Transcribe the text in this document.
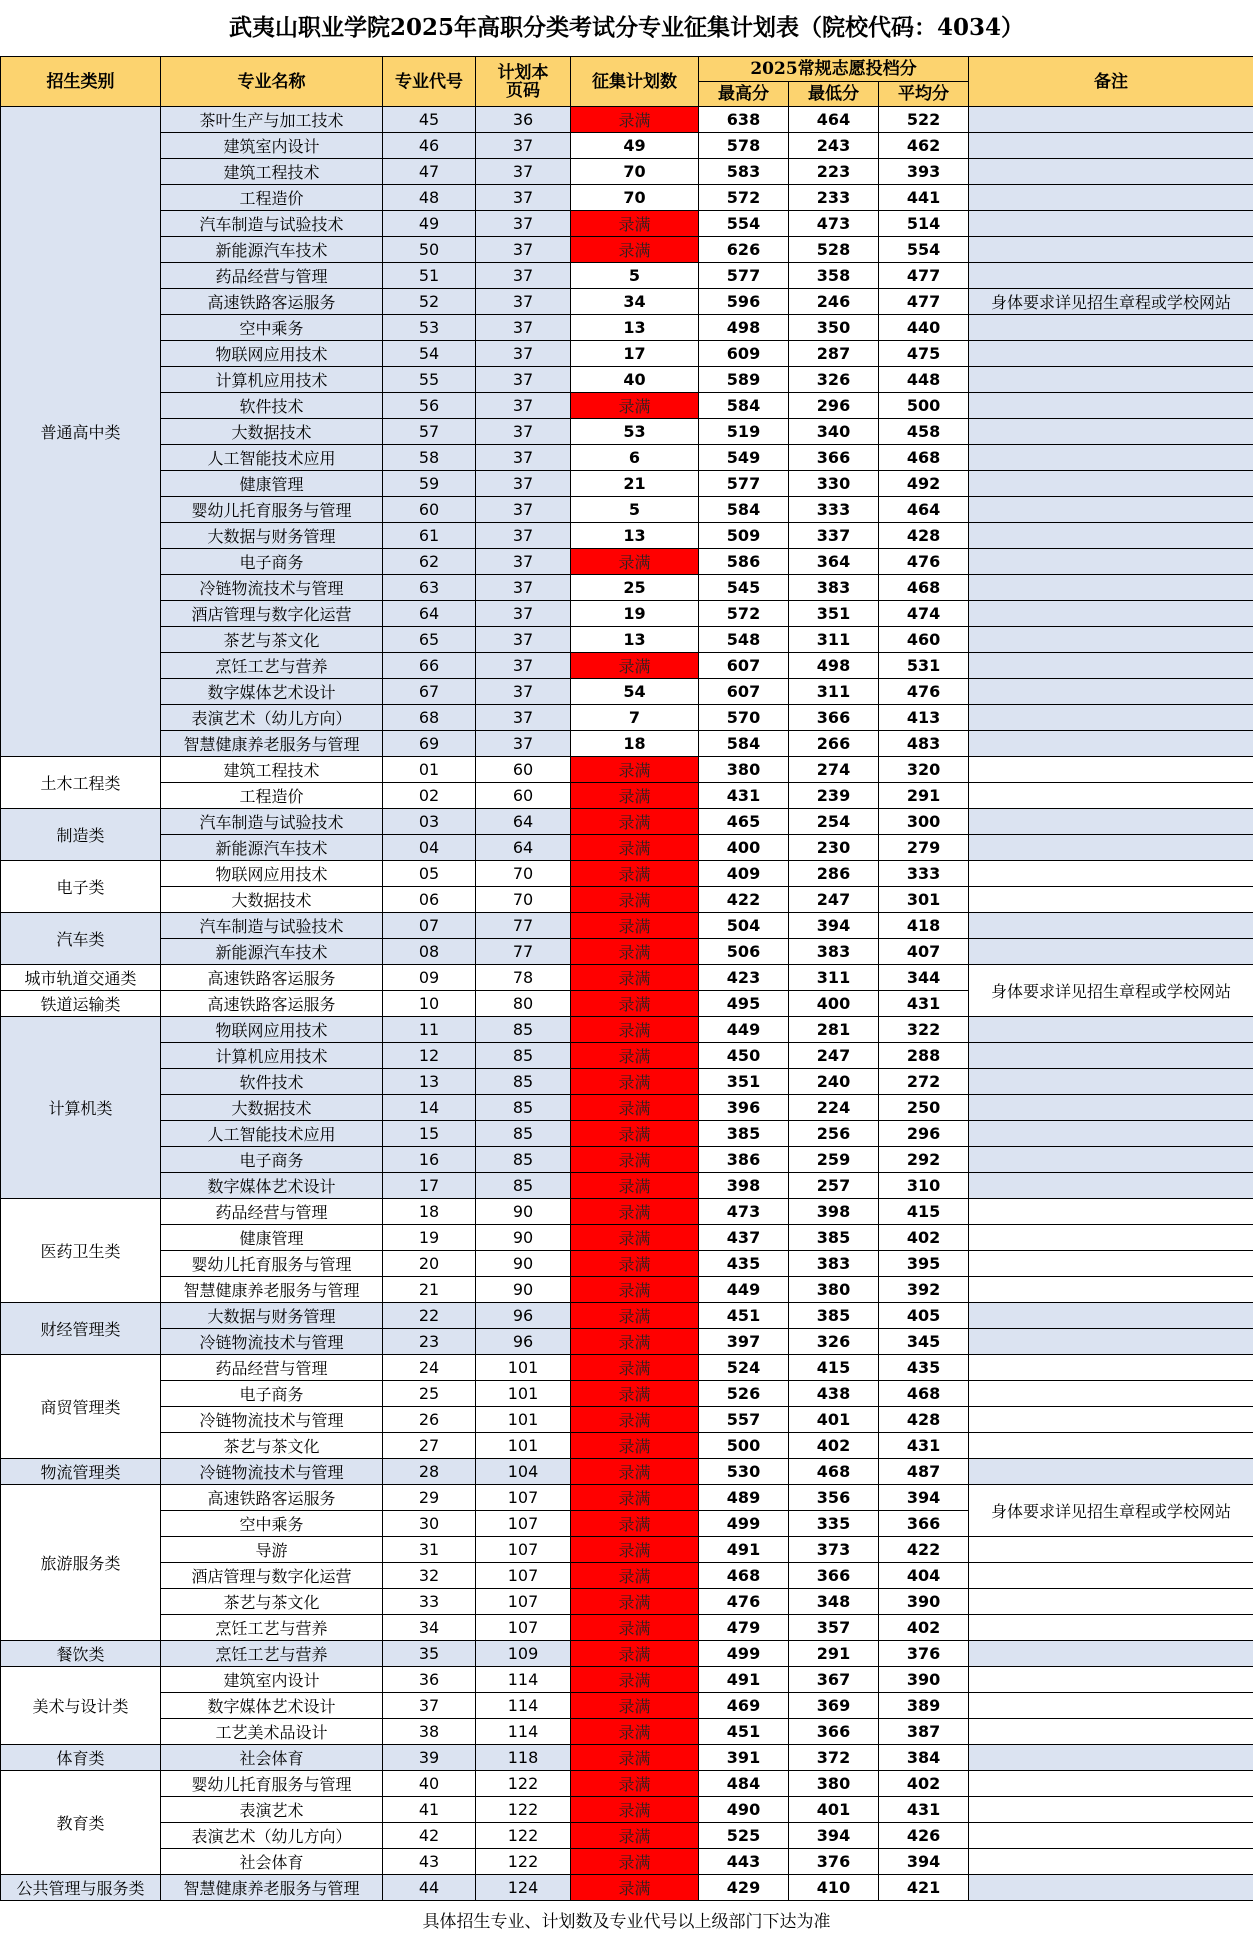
武夷山职业学院2025年高职分类考试分专业征集计划表（院校代码：4034）
招生类别	专业名称	专业代号	计划本页码	征集计划数	2025常规志愿投档分			备注
					最高分	最低分	平均分	
普通高中类	茶叶生产与加工技术	45	36	录满	638	464	522	
	建筑室内设计	46	37	49	578	243	462	
	建筑工程技术	47	37	70	583	223	393	
	工程造价	48	37	70	572	233	441	
	汽车制造与试验技术	49	37	录满	554	473	514	
	新能源汽车技术	50	37	录满	626	528	554	
	药品经营与管理	51	37	5	577	358	477	
	高速铁路客运服务	52	37	34	596	246	477	身体要求详见招生章程或学校网站
	空中乘务	53	37	13	498	350	440	
	物联网应用技术	54	37	17	609	287	475	
	计算机应用技术	55	37	40	589	326	448	
	软件技术	56	37	录满	584	296	500	
	大数据技术	57	37	53	519	340	458	
	人工智能技术应用	58	37	6	549	366	468	
	健康管理	59	37	21	577	330	492	
	婴幼儿托育服务与管理	60	37	5	584	333	464	
	大数据与财务管理	61	37	13	509	337	428	
	电子商务	62	37	录满	586	364	476	
	冷链物流技术与管理	63	37	25	545	383	468	
	酒店管理与数字化运营	64	37	19	572	351	474	
	茶艺与茶文化	65	37	13	548	311	460	
	烹饪工艺与营养	66	37	录满	607	498	531	
	数字媒体艺术设计	67	37	54	607	311	476	
	表演艺术（幼儿方向）	68	37	7	570	366	413	
	智慧健康养老服务与管理	69	37	18	584	266	483	
土木工程类	建筑工程技术	01	60	录满	380	274	320	
	工程造价	02	60	录满	431	239	291	
制造类	汽车制造与试验技术	03	64	录满	465	254	300	
	新能源汽车技术	04	64	录满	400	230	279	
电子类	物联网应用技术	05	70	录满	409	286	333	
	大数据技术	06	70	录满	422	247	301	
汽车类	汽车制造与试验技术	07	77	录满	504	394	418	
	新能源汽车技术	08	77	录满	506	383	407	
城市轨道交通类	高速铁路客运服务	09	78	录满	423	311	344	身体要求详见招生章程或学校网站
铁道运输类	高速铁路客运服务	10	80	录满	495	400	431	
计算机类	物联网应用技术	11	85	录满	449	281	322	
	计算机应用技术	12	85	录满	450	247	288	
	软件技术	13	85	录满	351	240	272	
	大数据技术	14	85	录满	396	224	250	
	人工智能技术应用	15	85	录满	385	256	296	
	电子商务	16	85	录满	386	259	292	
	数字媒体艺术设计	17	85	录满	398	257	310	
医药卫生类	药品经营与管理	18	90	录满	473	398	415	
	健康管理	19	90	录满	437	385	402	
	婴幼儿托育服务与管理	20	90	录满	435	383	395	
	智慧健康养老服务与管理	21	90	录满	449	380	392	
财经管理类	大数据与财务管理	22	96	录满	451	385	405	
	冷链物流技术与管理	23	96	录满	397	326	345	
商贸管理类	药品经营与管理	24	101	录满	524	415	435	
	电子商务	25	101	录满	526	438	468	
	冷链物流技术与管理	26	101	录满	557	401	428	
	茶艺与茶文化	27	101	录满	500	402	431	
物流管理类	冷链物流技术与管理	28	104	录满	530	468	487	
旅游服务类	高速铁路客运服务	29	107	录满	489	356	394	身体要求详见招生章程或学校网站
	空中乘务	30	107	录满	499	335	366	
	导游	31	107	录满	491	373	422	
	酒店管理与数字化运营	32	107	录满	468	366	404	
	茶艺与茶文化	33	107	录满	476	348	390	
	烹饪工艺与营养	34	107	录满	479	357	402	
餐饮类	烹饪工艺与营养	35	109	录满	499	291	376	
美术与设计类	建筑室内设计	36	114	录满	491	367	390	
	数字媒体艺术设计	37	114	录满	469	369	389	
	工艺美术品设计	38	114	录满	451	366	387	
体育类	社会体育	39	118	录满	391	372	384	
教育类	婴幼儿托育服务与管理	40	122	录满	484	380	402	
	表演艺术	41	122	录满	490	401	431	
	表演艺术（幼儿方向）	42	122	录满	525	394	426	
	社会体育	43	122	录满	443	376	394	
公共管理与服务类	智慧健康养老服务与管理	44	124	录满	429	410	421	
具体招生专业、计划数及专业代号以上级部门下达为准
